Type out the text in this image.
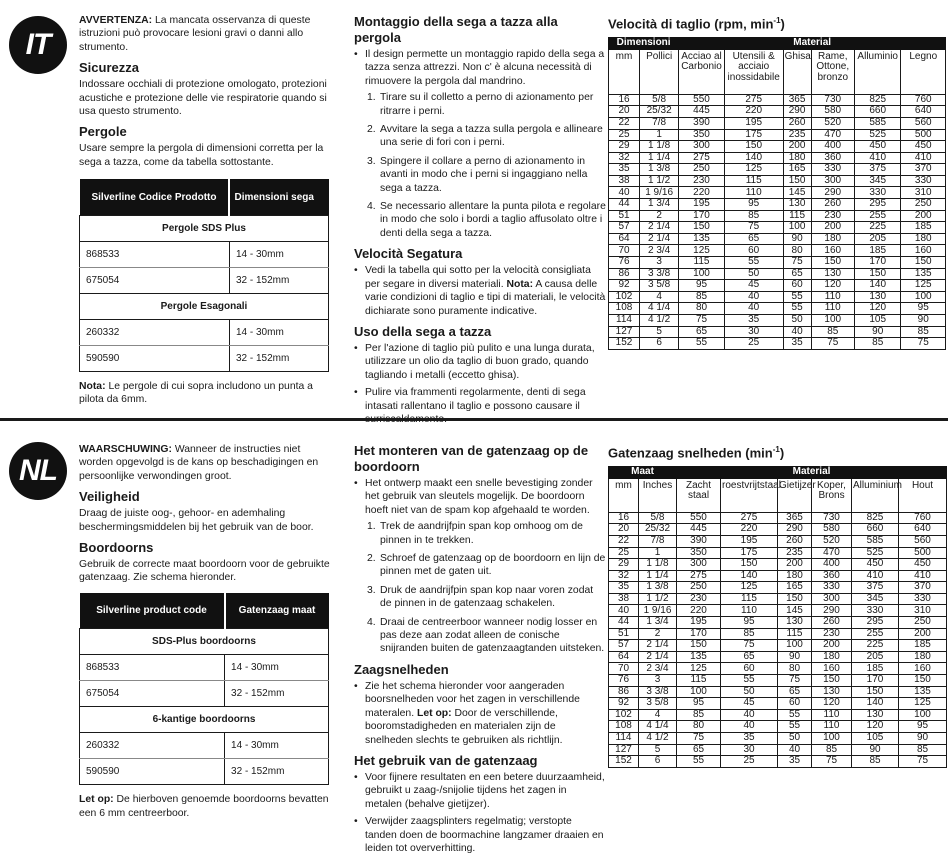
IT

AVVERTENZA: La mancata osservanza di queste istruzioni può provocare lesioni gravi o danni allo strumento.

Sicurezza

Indossare occhiali di protezione omologato, protezioni acustiche e protezione delle vie respiratorie quando si usa questo strumento.

Pergole

Usare sempre la pergola di dimensioni corretta per la sega a tazza, come da tabella sottostante.

Silverline Codice Prodotto	Dimensioni sega
Pergole SDS Plus	
868533	14 - 30mm
675054	32 - 152mm
Pergole Esagonali	
260332	14 - 30mm
590590	32 - 152mm

Nota: Le pergole di cui sopra includono un punta a pilota da 6mm.

Montaggio della sega a tazza alla pergola
• Il design permette un montaggio rapido della sega a tazza senza attrezzi. Non c' è alcuna necessità di rimuovere la pergola dal mandrino.
1. Tirare su il colletto a perno di azionamento per ritrarre i perni.
2. Avvitare la sega a tazza sulla pergola e allineare una serie di fori con i perni.
3. Spingere il collare a perno di azionamento in avanti in modo che i perni si ingaggiano nella sega a tazza.
4. Se necessario allentare la punta pilota e regolare in modo che solo i bordi a taglio affusolato oltre i denti della sega a tazza.
Velocità Segatura
• Vedi la tabella qui sotto per la velocità consigliata per segare in diversi materiali. Nota: A causa delle varie condizioni di taglio e tipi di materiali, le velocità dichiarate sono puramente indicative.
Uso della sega a tazza
• Per l'azione di taglio più pulito e una lunga durata, utilizzare un olio da taglio di buon grado, quando tagliando i metalli (eccetto ghisa).
• Pulire via frammenti regolarmente, denti di sega intasati rallentano il taglio e possono causare il
Velocità di taglio (rpm, $\min^{-1}$)
Dimensioni		Material					
mm	Pollici	Acciao al Carbonio	Utensili & acciaio inossidabile	Ghisa	Rame, Ottone, bronzo	Alluminio	Legno
16	5/8	550	275	365	730	825	760
20	25/32	445	220	290	580	660	640
22	7/8	390	195	260	520	585	560
25	1	350	175	235	470	525	500
29	1 1/8	300	150	200	400	450	450
32	1 1/4	275	140	180	360	410	410
35	1 3/8	250	125	165	330	375	370
38	1 1/2	230	115	150	300	345	330
40	1 9/16	220	110	145	290	330	310
44	1 3/4	195	95	130	260	295	250
51	2	170	85	115	230	255	200
57	2 1/4	150	75	100	200	225	185
64	2 1/4	135	65	90	180	205	180
70	2 3/4	125	60	80	160	185	160
76	3	115	55	75	150	170	150
86	3 3/8	100	50	65	130	150	135
92	3 5/8	95	45	60	120	140	125
102	4	85	40	55	110	130	100
108	4 1/4	80	40	55	110	120	95
114	4 1/2	75	35	50	100	105	90
127	5	65	30	40	85	90	85
152	6	55	25	35	75	85	75
NL

WAARSCHUWING: Wanneer de instructies niet worden opgevolgd is de kans op beschadigingen en persoonlijke verwondingen groot.

Veiligheid

Draag de juiste oog-, gehoor- en ademhaling beschermingsmiddelen bij het gebruik van de boor.

Boordoorns

Gebruik de correcte maat boordoorn voor de gebruikte gatenzaag. Zie schema hieronder.

Silverline product code	Gatenzaag maat
SDS-Plus boordoorns	
868533	14 - 30mm
675054	32 - 152mm
6-kantige boordoorns	
260332	14 - 30mm
590590	32 - 152mm

Let op: De hierboven genoemde boordoorns bevatten een 6 mm centreerboor.

Het monteren van de gatenzaag op de boordoorn
• Het ontwerp maakt een snelle bevestiging zonder het gebruik van sleutels mogelijk. De boordoorn hoeft niet van de spam kop afgehaald te worden.
1. Trek de aandrijfpin span kop omhoog om de pinnen in te trekken.
2. Schroef de gatenzaag op de boordoorn en lijn de pinnen met de gaten uit.
3. Druk de aandrijfpin span kop naar voren zodat de pinnen in de gatenzaag schakelen.
4. Draai de centreerboor wanneer nodig losser en pas deze aan zodat alleen de conische snijranden buiten de gatenzaagtanden uitsteken.
Zaagsnelheden
• Zie het schema hieronder voor aangeraden boorsnelheden voor het zagen in verschillende materalen. Let op: Door de verschillende, booromstadigheden en materialen zijn de snelheden slechts te gebruiken als richtlijn.
Het gebruik van de gatenzaag
• Voor fijnere resultaten en een betere duurzaamheid, gebruikt u zaag-/snijolie tijdens het zagen in metalen (behalve gietijzer).
• Verwijder zaagsplinters regelmatig; verstopte tanden doen de boormachine langzamer draaien en leiden tot oververhitting.
Gatenzaag snelheden $(\min^{-1})$
Maat		Material					
mm	Inches	Zacht staal	roestvrijtstaal	Gietijzer	Koper, Brons	Alluminium	Hout
16	5/8	550	275	365	730	825	760
20	25/32	445	220	290	580	660	640
22	7/8	390	195	260	520	585	560
25	1	350	175	235	470	525	500
29	1 1/8	300	150	200	400	450	450
32	1 1/4	275	140	180	360	410	410
35	1 3/8	250	125	165	330	375	370
38	1 1/2	230	115	150	300	345	330
40	1 9/16	220	110	145	290	330	310
44	1 3/4	195	95	130	260	295	250
51	2	170	85	115	230	255	200
57	2 1/4	150	75	100	200	225	185
64	2 1/4	135	65	90	180	205	180
70	2 3/4	125	60	80	160	185	160
76	3	115	55	75	150	170	150
86	3 3/8	100	50	65	130	150	135
92	3 5/8	95	45	60	120	140	125
102	4	85	40	55	110	130	100
108	4 1/4	80	40	55	110	120	95
114	4 1/2	75	35	50	100	105	90
127	5	65	30	40	85	90	85
152	6	55	25	35	75	85	75
